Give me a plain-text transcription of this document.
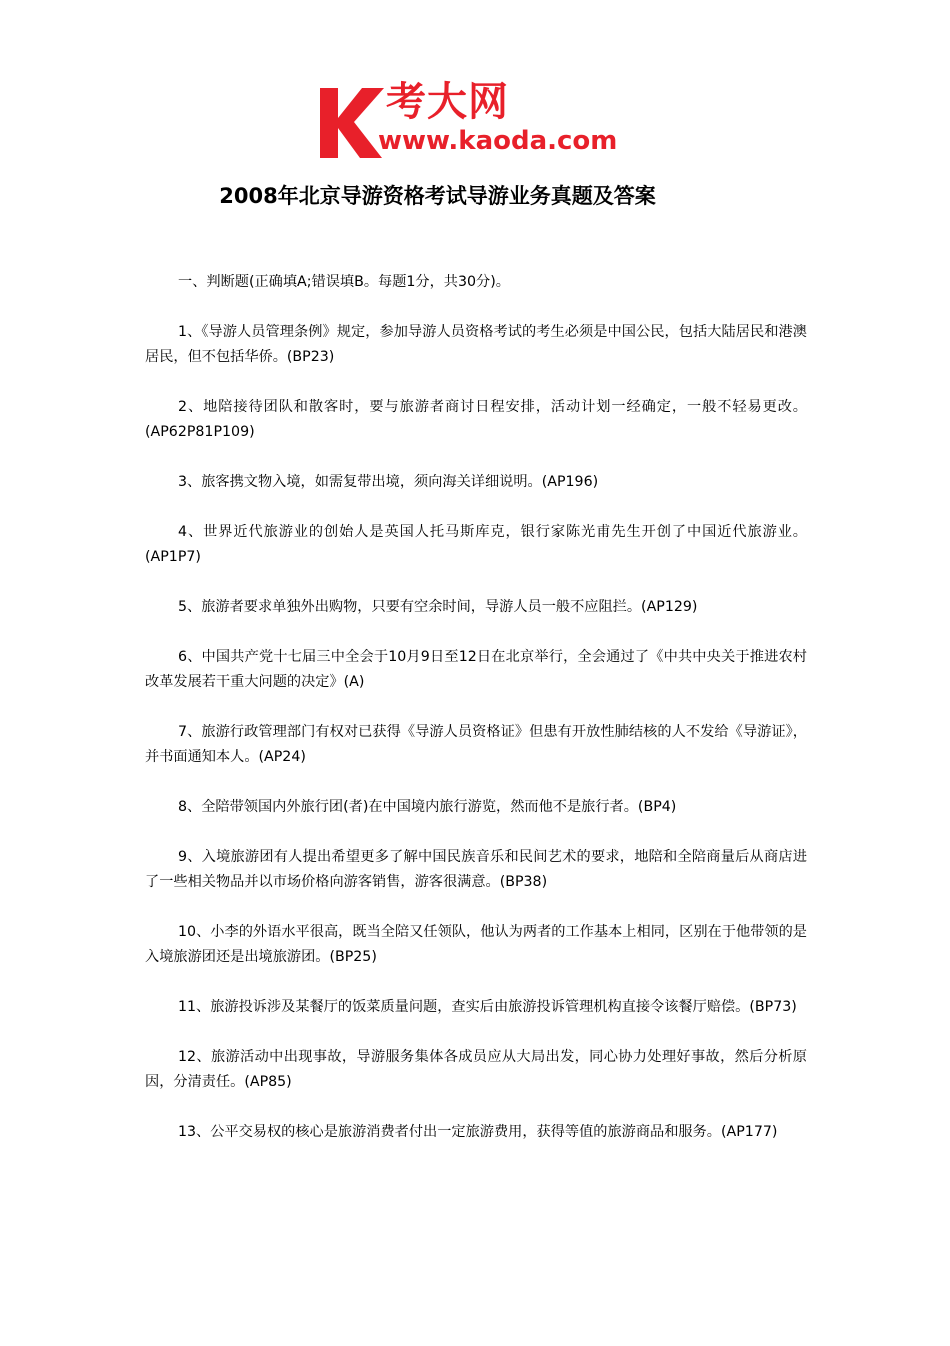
考大网
www.kaoda.com
2008年北京导游资格考试导游业务真题及答案

一、判断题(正确填A;错误填B。每题1分，共30分)。

1、《导游人员管理条例》规定，参加导游人员资格考试的考生必须是中国公民，包括大陆居民和港澳居民，但不包括华侨。(BP23)

2、地陪接待团队和散客时，要与旅游者商讨日程安排，活动计划一经确定，一般不轻易更改。(AP62P81P109)

3、旅客携文物入境，如需复带出境，须向海关详细说明。(AP196)

4、世界近代旅游业的创始人是英国人托马斯库克，银行家陈光甫先生开创了中国近代旅游业。(AP1P7)

5、旅游者要求单独外出购物，只要有空余时间，导游人员一般不应阻拦。(AP129)

6、中国共产党十七届三中全会于10月9日至12日在北京举行，全会通过了《中共中央关于推进农村改革发展若干重大问题的决定》(A)

7、旅游行政管理部门有权对已获得《导游人员资格证》但患有开放性肺结核的人不发给《导游证》，并书面通知本人。(AP24)

8、全陪带领国内外旅行团(者)在中国境内旅行游览，然而他不是旅行者。(BP4)

9、入境旅游团有人提出希望更多了解中国民族音乐和民间艺术的要求，地陪和全陪商量后从商店进了一些相关物品并以市场价格向游客销售，游客很满意。(BP38)

10、小李的外语水平很高，既当全陪又任领队，他认为两者的工作基本上相同，区别在于他带领的是入境旅游团还是出境旅游团。(BP25)

11、旅游投诉涉及某餐厅的饭菜质量问题，查实后由旅游投诉管理机构直接令该餐厅赔偿。(BP73)

12、旅游活动中出现事故，导游服务集体各成员应从大局出发，同心协力处理好事故，然后分析原因，分清责任。(AP85)

13、公平交易权的核心是旅游消费者付出一定旅游费用，获得等值的旅游商品和服务。(AP177)
